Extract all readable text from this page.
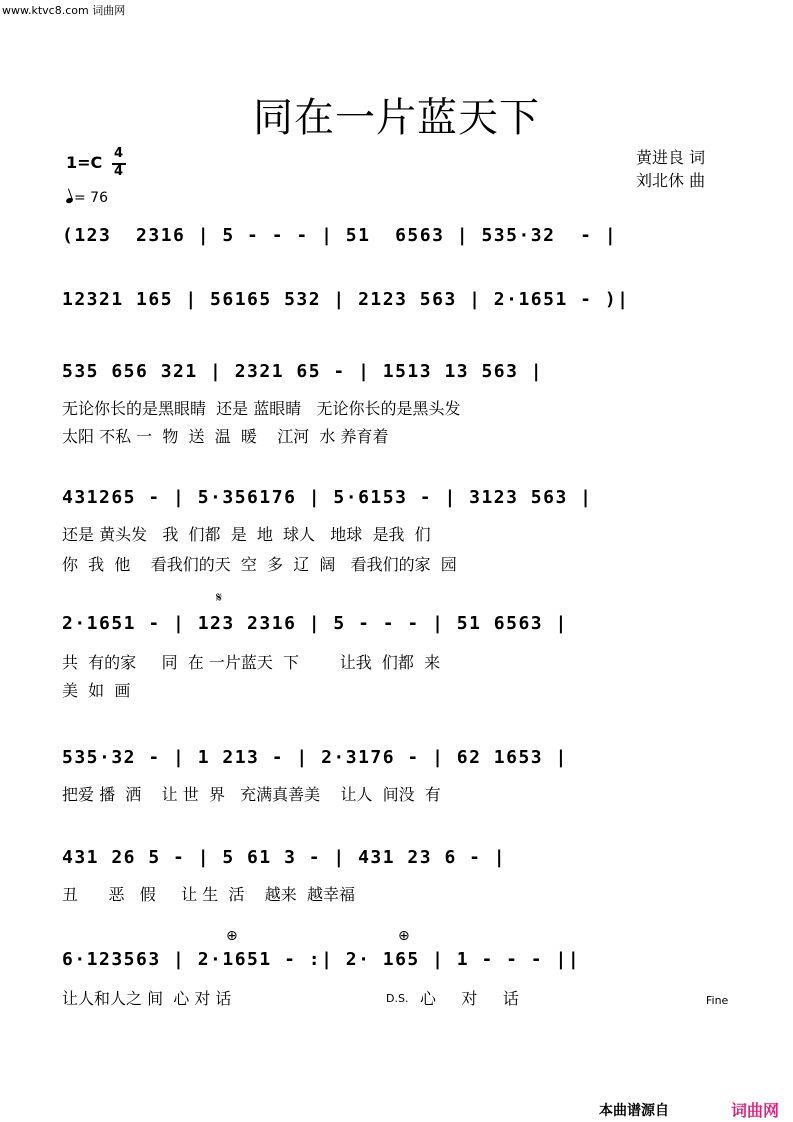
www.ktvc8.com 词曲网
同在一片蓝天下
1=C 4
4
= 76
黄进良 词
刘北休 曲
(123  2316 | 5 - - - | 51  6563 | 535·32  - |
12321 165 | 56165 532 | 2123 563 | 2·1651 - )|
535 656 321 | 2321 65 - | 1513 13 563 |
无论你长的是黑眼睛  还是 蓝眼睛   无论你长的是黑头发
太阳 不私 一  物  送  温  暖    江河  水 养育着
431265 - | 5·356176 | 5·6153 - | 3123 563 |
还是 黄头发   我  们都  是  地  球人   地球  是我  们
你  我  他    看我们的天  空  多  辽  阔   看我们的家  园
𝄋
2·1651 - | 123 2316 | 5 - - - | 51 6563 |
共  有的家     同  在 一片蓝天  下        让我  们都  来
美  如  画
535·32 - | 1 213 - | 2·3176 - | 62 1653 |
把爱 播  洒    让 世  界   充满真善美    让人  间没  有
431 26 5 - | 5 61 3 - | 431 23 6 - |
丑      恶   假     让 生  活    越来  越幸福
⊕	⊕
6·123563 | 2·1651 - :| 2· 165 | 1 - - - ||
让人和人之 间  心 对 话	D.S. 心     对     话	Fine
本曲谱源自	词曲网
